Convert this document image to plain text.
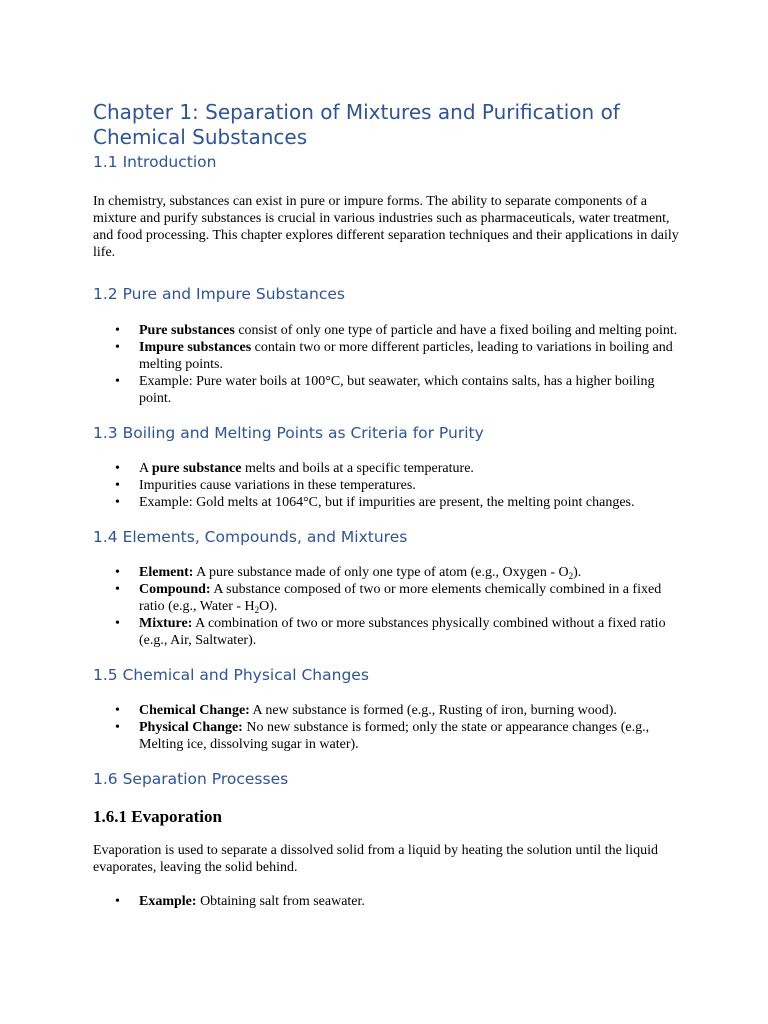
Chapter 1: Separation of Mixtures and Purification of Chemical Substances
1.1 Introduction

In chemistry, substances can exist in pure or impure forms. The ability to separate components of a mixture and purify substances is crucial in various industries such as pharmaceuticals, water treatment, and food processing. This chapter explores different separation techniques and their applications in daily life.

1.2 Pure and Impure Substances
• Pure substances consist of only one type of particle and have a fixed boiling and melting point.
• Impure substances contain two or more different particles, leading to variations in boiling and melting points.
• Example: Pure water boils at 100°C, but seawater, which contains salts, has a higher boiling point.
1.3 Boiling and Melting Points as Criteria for Purity
• A pure substance melts and boils at a specific temperature.
• Impurities cause variations in these temperatures.
• Example: Gold melts at 1064°C, but if impurities are present, the melting point changes.
1.4 Elements, Compounds, and Mixtures
• Element: A pure substance made of only one type of atom (e.g., Oxygen - $O_2$).
• Compound: A substance composed of two or more elements chemically combined in a fixed ratio (e.g., Water - $H_2O$).
• Mixture: A combination of two or more substances physically combined without a fixed ratio (e.g., Air, Saltwater).
1.5 Chemical and Physical Changes
• Chemical Change: A new substance is formed (e.g., Rusting of iron, burning wood).
• Physical Change: No new substance is formed; only the state or appearance changes (e.g., Melting ice, dissolving sugar in water).
1.6 Separation Processes
1.6.1 Evaporation

Evaporation is used to separate a dissolved solid from a liquid by heating the solution until the liquid evaporates, leaving the solid behind.

• Example: Obtaining salt from seawater.
